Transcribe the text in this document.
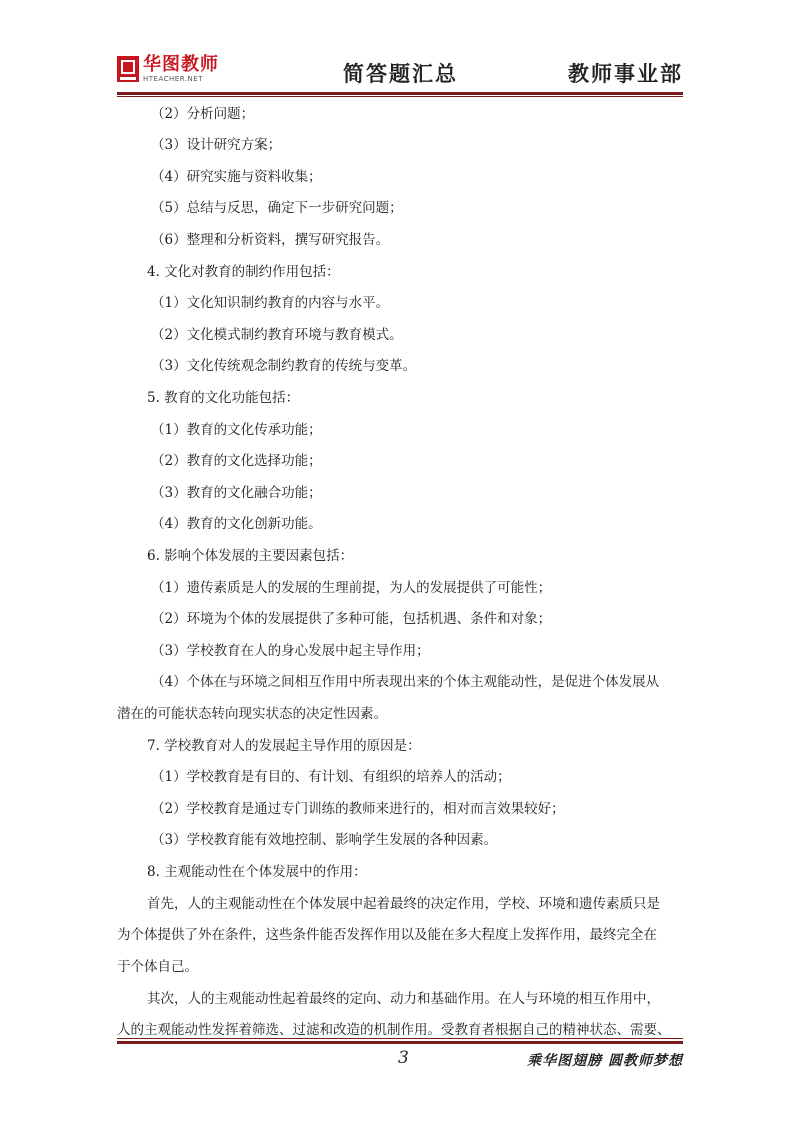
华图教师
HTEACHER.NET	简答题汇总	教师事业部
（2）分析问题；
（3）设计研究方案；
（4）研究实施与资料收集；
（5）总结与反思，确定下一步研究问题；
（6）整理和分析资料，撰写研究报告。
4. 文化对教育的制约作用包括：
（1）文化知识制约教育的内容与水平。
（2）文化模式制约教育环境与教育模式。
（3）文化传统观念制约教育的传统与变革。
5. 教育的文化功能包括：
（1）教育的文化传承功能；
（2）教育的文化选择功能；
（3）教育的文化融合功能；
（4）教育的文化创新功能。
6. 影响个体发展的主要因素包括：
（1）遗传素质是人的发展的生理前提，为人的发展提供了可能性；
（2）环境为个体的发展提供了多种可能，包括机遇、条件和对象；
（3）学校教育在人的身心发展中起主导作用；
（4）个体在与环境之间相互作用中所表现出来的个体主观能动性，是促进个体发展从
潜在的可能状态转向现实状态的决定性因素。
7. 学校教育对人的发展起主导作用的原因是：
（1）学校教育是有目的、有计划、有组织的培养人的活动；
（2）学校教育是通过专门训练的教师来进行的，相对而言效果较好；
（3）学校教育能有效地控制、影响学生发展的各种因素。
8. 主观能动性在个体发展中的作用：
首先，人的主观能动性在个体发展中起着最终的决定作用，学校、环境和遗传素质只是
为个体提供了外在条件，这些条件能否发挥作用以及能在多大程度上发挥作用，最终完全在
于个体自己。
其次，人的主观能动性起着最终的定向、动力和基础作用。在人与环境的相互作用中，
人的主观能动性发挥着筛选、过滤和改造的机制作用。受教育者根据自己的精神状态、需要、
3	乘华图翅膀 圆教师梦想
